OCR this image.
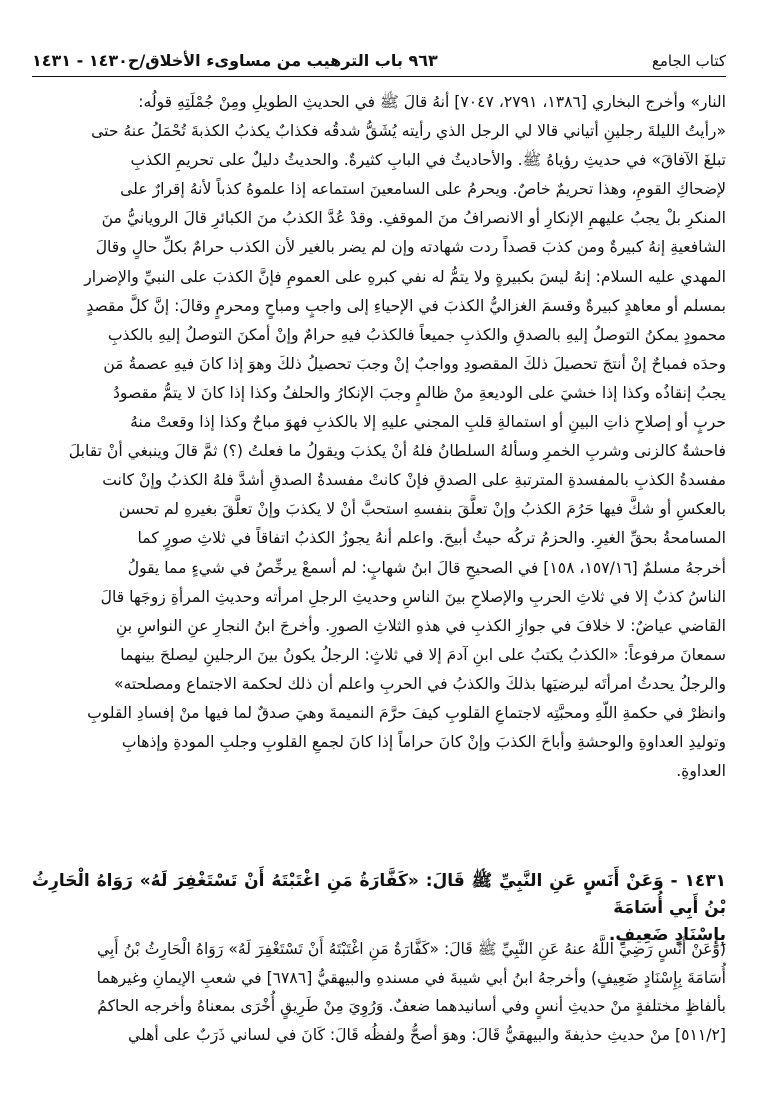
كتاب الجامع
٩٦٣ باب الترهيب من مساوىء الأخلاق/ح١٤٣٠ - ١٤٣١

النار» وأخرج البخاري [١٣٨٦، ٢٧٩١، ٧٠٤٧] أنهُ قالَ ﷺ في الحديثِ الطويلِ ومِنْ جُمْلَتِهِ قولُه:

«رأيتُ الليلةَ رجلينِ أتياني قالا لي الرجل الذي رأيته يُشَقُّ شدقُه فكذابٌ يكذبُ الكذبةَ تُحْمَلُ عنهُ حتى

تبلغَ الآفاقَ» في حديثِ رؤياهُ ﷺ. والأحاديثُ في البابِ كثيرةٌ. والحديثُ دليلٌ على تحريمِ الكذبِ

لإضحاكِ القومِ، وهذا تحريمٌ خاصٌ. ويحرمُ على السامعينَ استماعه إذا علموهُ كذباً لأنهُ إقرارٌ على

المنكرِ بلْ يجبُ عليهمِ الإنكارِ أو الانصرافُ منَ الموقفِ. وقدْ عُدَّ الكذبُ منَ الكبائرِ قالَ الرويانيُّ منَ

الشافعيةِ إنهُ كبيرةٌ ومن كذبَ قصداً ردت شهادته وإن لم يضر بالغير لأن الكذب حرامٌ بكلِّ حالٍ وقالَ

المهدي عليه السلام: إنهُ ليسَ بكبيرةٍ ولا يتمُّ له نفي كبرهِ على العمومِ فإنَّ الكذبَ على النبيِّ والإضرار

بمسلم أو معاهدٍ كبيرةٌ وقسمَ الغزاليُّ الكذبَ في الإحياءِ إلى واجبٍ ومباحٍ ومحرمٍ وقالَ: إنَّ كلَّ مقصدٍ

محمودٍ يمكنُ التوصلُ إليهِ بالصدقِ والكذبِ جميعاً فالكذبُ فيهِ حرامٌ وإنْ أمكنَ التوصلُ إليهِ بالكذبِ

وحدَه فمباحٌ إنْ أنتجَ تحصيلَ ذلكَ المقصودِ وواجبٌ إنْ وجبَ تحصيلُ ذلكَ وهوَ إذا كانَ فيهِ عصمةُ مَن

يجبُ إنقاذُه وكذا إذا خشيَ على الوديعةِ منْ ظالمٍ وجبَ الإنكارُ والحلفُ وكذا إذا كانَ لا يتمُّ مقصودُ

حربٍ أو إصلاحِ ذاتِ البينِ أو استمالةِ قلبِ المجني عليهِ إلا بالكذبِ فهوَ مباحٌ وكذا إذا وقعتْ منهُ

فاحشةٌ كالزنى وشربِ الخمرِ وسألهُ السلطانُ فلهُ أنْ يكذبَ ويقولُ ما فعلتُ (؟) ثمَّ قالَ وينبغي أنْ تقابلَ

مفسدةُ الكذبِ بالمفسدةِ المترتبةِ على الصدقِ فإنْ كانتْ مفسدةُ الصدقِ أشدَّ فلهُ الكذبُ وإنْ كانت

بالعكسِ أو شكَّ فيها حَرُمَ الكذبُ وإنْ تعلَّقَ بنفسهِ استحبَّ أنْ لا يكذبَ وإنْ تعلَّقَ بغيرهِ لم تحسن

المسامحةُ بحقِّ الغيرِ. والحزمُ تركُه حيثُ أبيحَ. واعلم أنهُ يجوزُ الكذبُ اتفاقاً في ثلاثِ صورٍ كما

أخرجهُ مسلمٌ [١٥٧/١٦، ١٥٨] في الصحيحِ قالَ ابنُ شهابٍ: لم أسمعْ يرخِّصُ في شيءٍ مما يقولُ

الناسُ كذبٌ إلا في ثلاثِ الحربِ والإصلاحِ بينَ الناسِ وحديثِ الرجلِ امرأته وحديثِ المرأةِ زوجَها قالَ

القاضي عياضٌ: لا خلافَ في جوازِ الكذبِ في هذهِ الثلاثِ الصورِ. وأخرجَ ابنُ النجارِ عنِ النواسِ بنِ

سمعانَ مرفوعاً: «الكذبُ يكتبُ على ابنِ آدمَ إلا في ثلاثٍ: الرجلُ يكونُ بينَ الرجلينِ ليصلحَ بينهما

والرجلُ يحدثُ امرأتَه ليرضيَها بذلكَ والكذبُ في الحربِ واعلم أن ذلك لحكمة الاجتماع ومصلحته»

وانظرْ في حكمةِ اللّهِ ومحبَّتِه لاجتماعِ القلوبِ كيفَ حرَّمَ النميمةَ وهيَ صدقٌ لما فيها منْ إفسادِ القلوبِ

وتوليدِ العداوةِ والوحشةِ وأباحَ الكذبَ وإنْ كانَ حراماً إذا كانَ لجمعِ القلوبِ وجلبِ المودةِ وإذهابِ

العداوةِ.

١٤٣١ - وَعَنْ أَنَسٍ عَنِ النَّبِيِّ ﷺ قَالَ: «كَفَّارَةُ مَنِ اغْتَبْتَهُ أَنْ تَسْتَغْفِرَ لَهُ» رَوَاهُ الْحَارِثُ بْنُ أَبِي أُسَامَةَ

بِإِسْنَادٍ ضَعِيفٍ.

(وَعَنْ أَنَسٍ رَضِيَ اللَّهُ عنهُ عَنِ النَّبِيِّ ﷺ قَالَ: «كَفَّارَةُ مَنِ اغْتَبْتَهُ أَنْ تَسْتَغْفِرَ لَهُ» رَوَاهُ الْحَارِثُ بْنُ أَبِي

أُسَامَةَ بِإِسْنَادٍ ضَعِيفٍ) وأخرجهُ ابنُ أبي شيبةَ في مسندهِ والبيهقيُّ [٦٧٨٦] في شعبِ الإيمانِ وغيرهما

بألفاظٍ مختلفةٍ منْ حديثِ أنسٍ وفي أسانيدهما ضعفٌ. وَرُوِيَ مِنْ طَرِيقٍ أُخْرَى بمعناهُ وأخرجه الحاكمُ

[٥١١/٢] منْ حديثِ حذيفةَ والبيهقيُّ قَالَ: وهوَ أصحُّ ولفظُه قَالَ: كَانَ في لساني ذَرَبٌ على أهلي
